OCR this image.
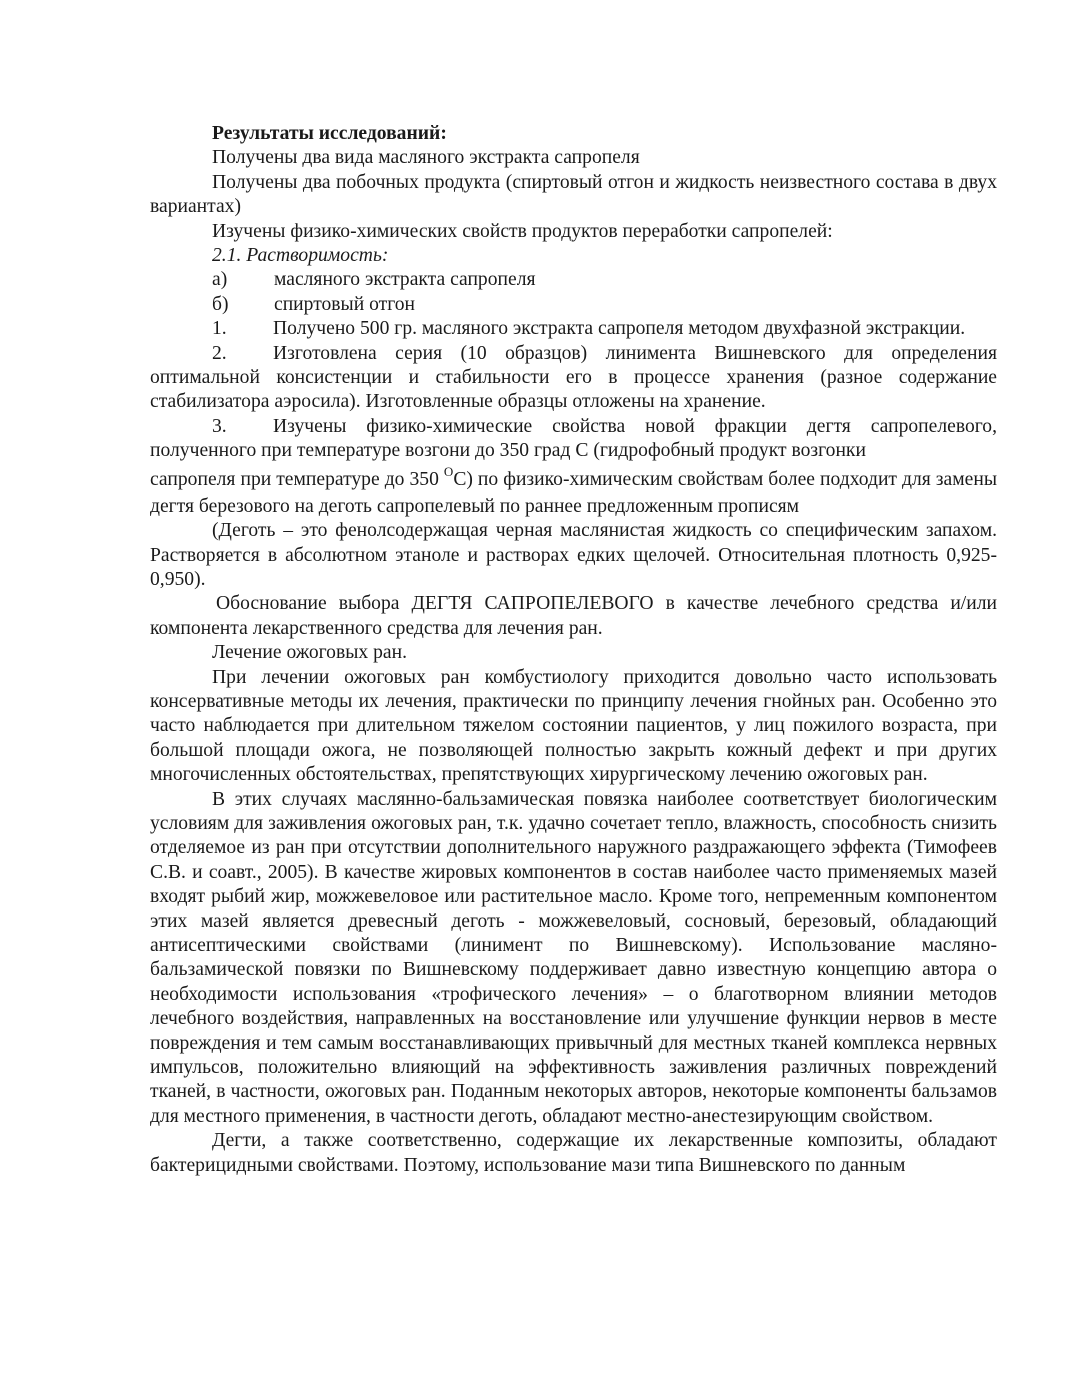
Результаты исследований:

Получены два вида масляного экстракта сапропеля

Получены два побочных продукта (спиртовый отгон и жидкость неизвестного состава в двух вариантах)

Изучены физико-химических свойств продуктов переработки сапропелей:

2.1. Растворимость:

а)	масляного экстракта сапропеля
б)	спиртовый отгон

1. Получено 500 гр. масляного экстракта сапропеля методом двухфазной экстракции.

2. Изготовлена серия (10 образцов) линимента Вишневского для определения оптимальной консистенции и стабильности его в процессе хранения (разное содержание стабилизатора аэросила). Изготовленные образцы отложены на хранение.

3. Изучены физико-химические свойства новой фракции дегтя сапропелевого, полученного при температуре возгони до 350 град С (гидрофобный продукт возгонки

сапропеля при температуре до 350 $^О$С) по физико-химическим свойствам более подходит для замены дегтя березового на деготь сапропелевый по раннее предложенным прописям

(Деготь – это фенолсодержащая черная маслянистая жидкость со специфическим запахом. Растворяется в абсолютном этаноле и растворах едких щелочей. Относительная плотность 0,925-0,950).

Обоснование выбора ДЕГТЯ САПРОПЕЛЕВОГО в качестве лечебного средства и/или компонента лекарственного средства для лечения ран.

Лечение ожоговых ран.

При лечении ожоговых ран комбустиологу приходится довольно часто использовать консервативные методы их лечения, практически по принципу лечения гнойных ран. Особенно это часто наблюдается при длительном тяжелом состоянии пациентов, у лиц пожилого возраста, при большой площади ожога, не позволяющей полностью закрыть кожный дефект и при других многочисленных обстоятельствах, препятствующих хирургическому лечению ожоговых ран.

В этих случаях маслянно-бальзамическая повязка наиболее соответствует биологическим условиям для заживления ожоговых ран, т.к. удачно сочетает тепло, влажность, способность снизить отделяемое из ран при отсутствии дополнительного наружного раздражающего эффекта (Тимофеев С.В. и соавт., 2005). В качестве жировых компонентов в состав наиболее часто применяемых мазей входят рыбий жир, можжевеловое или растительное масло. Кроме того, непременным компонентом этих мазей является древесный деготь - можжевеловый, сосновый, березовый, обладающий антисептическими свойствами (линимент по Вишневскому). Использование масляно-бальзамической повязки по Вишневскому поддерживает давно известную концепцию автора о необходимости использования «трофического лечения» – о благотворном влиянии методов лечебного воздействия, направленных на восстановление или улучшение функции нервов в месте повреждения и тем самым восстанавливающих привычный для местных тканей комплекса нервных импульсов, положительно влияющий на эффективность заживления различных повреждений тканей, в частности, ожоговых ран. Поданным некоторых авторов, некоторые компоненты бальзамов для местного применения, в частности деготь, обладают местно-анестезирующим свойством.

Дегти, а также соответственно, содержащие их лекарственные композиты, обладают бактерицидными свойствами. Поэтому, использование мази типа Вишневского по данным
